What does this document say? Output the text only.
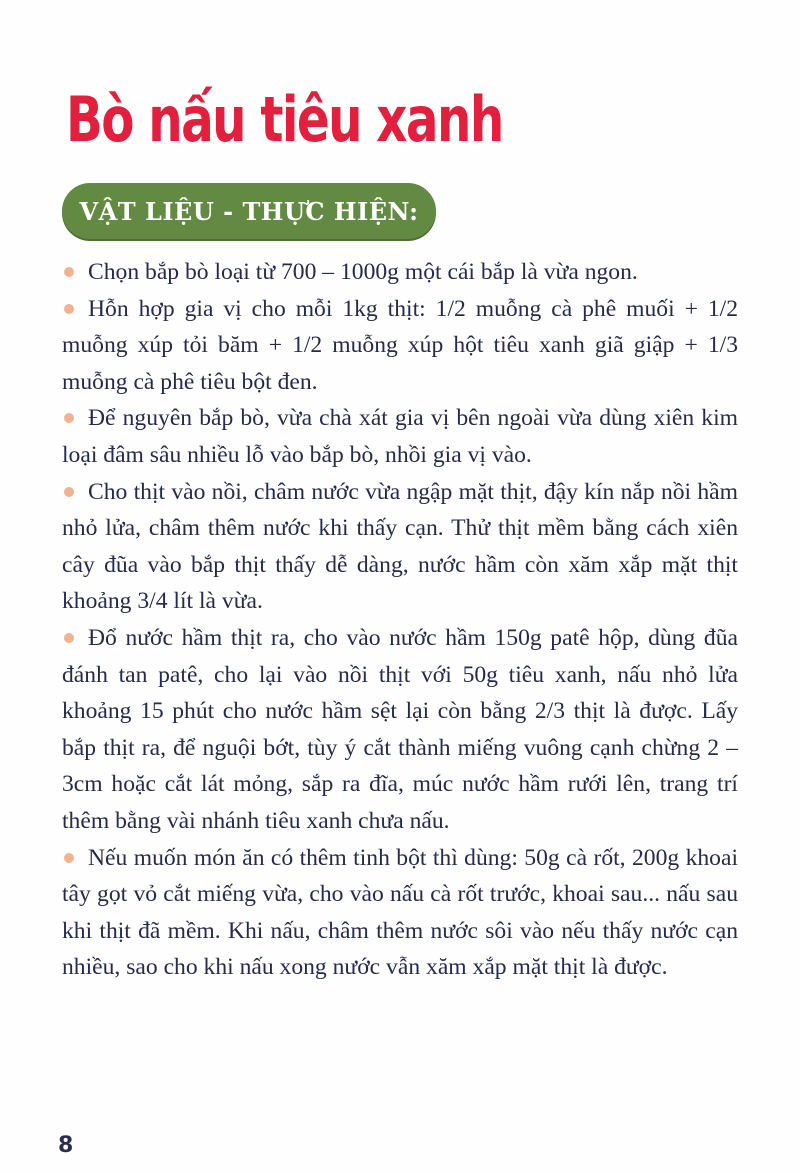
Bò nấu tiêu xanh
VẬT LIỆU - THỰC HIỆN:

Chọn bắp bò loại từ 700 – 1000g một cái bắp là vừa ngon.

Hỗn hợp gia vị cho mỗi 1kg thịt: 1/2 muỗng cà phê muối + 1/2 muỗng xúp tỏi băm + 1/2 muỗng xúp hột tiêu xanh giã giập + 1/3 muỗng cà phê tiêu bột đen.

Để nguyên bắp bò, vừa chà xát gia vị bên ngoài vừa dùng xiên kim loại đâm sâu nhiều lỗ vào bắp bò, nhồi gia vị vào.

Cho thịt vào nồi, châm nước vừa ngập mặt thịt, đậy kín nắp nồi hầm nhỏ lửa, châm thêm nước khi thấy cạn. Thử thịt mềm bằng cách xiên cây đũa vào bắp thịt thấy dễ dàng, nước hầm còn xăm xắp mặt thịt khoảng 3/4 lít là vừa.

Đổ nước hầm thịt ra, cho vào nước hầm 150g patê hộp, dùng đũa đánh tan patê, cho lại vào nồi thịt với 50g tiêu xanh, nấu nhỏ lửa khoảng 15 phút cho nước hầm sệt lại còn bằng 2/3 thịt là được. Lấy bắp thịt ra, để nguội bớt, tùy ý cắt thành miếng vuông cạnh chừng 2 – 3cm hoặc cắt lát mỏng, sắp ra đĩa, múc nước hầm rưới lên, trang trí thêm bằng vài nhánh tiêu xanh chưa nấu.

Nếu muốn món ăn có thêm tinh bột thì dùng: 50g cà rốt, 200g khoai tây gọt vỏ cắt miếng vừa, cho vào nấu cà rốt trước, khoai sau... nấu sau khi thịt đã mềm. Khi nấu, châm thêm nước sôi vào nếu thấy nước cạn nhiều, sao cho khi nấu xong nước vẫn xăm xắp mặt thịt là được.

8
